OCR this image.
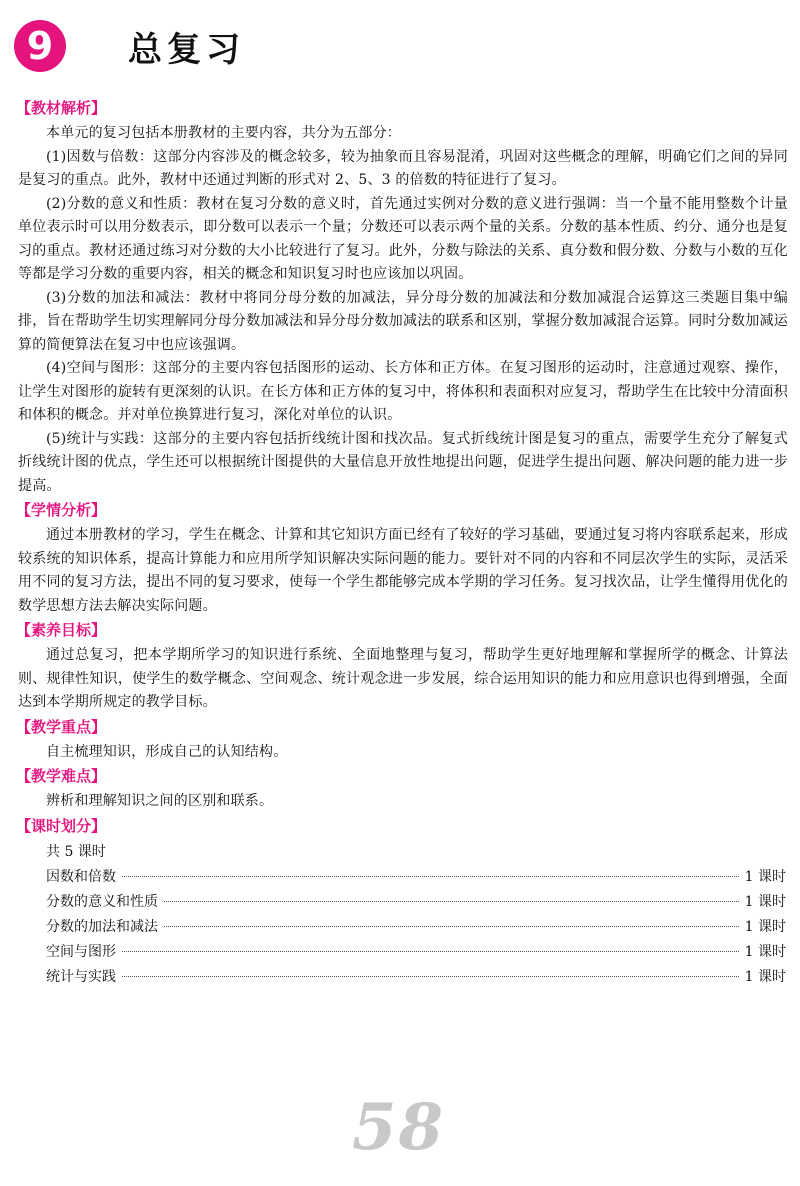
9	总复习
【教材解析】

本单元的复习包括本册教材的主要内容，共分为五部分：

(1)因数与倍数：这部分内容涉及的概念较多，较为抽象而且容易混淆，巩固对这些概念的理解，明确它们之间的异同是复习的重点。此外，教材中还通过判断的形式对 2、5、3 的倍数的特征进行了复习。

(2)分数的意义和性质：教材在复习分数的意义时，首先通过实例对分数的意义进行强调：当一个量不能用整数个计量单位表示时可以用分数表示，即分数可以表示一个量；分数还可以表示两个量的关系。分数的基本性质、约分、通分也是复习的重点。教材还通过练习对分数的大小比较进行了复习。此外，分数与除法的关系、真分数和假分数、分数与小数的互化等都是学习分数的重要内容，相关的概念和知识复习时也应该加以巩固。

(3)分数的加法和减法：教材中将同分母分数的加减法，异分母分数的加减法和分数加减混合运算这三类题目集中编排，旨在帮助学生切实理解同分母分数加减法和异分母分数加减法的联系和区别，掌握分数加减混合运算。同时分数加减运算的简便算法在复习中也应该强调。

(4)空间与图形：这部分的主要内容包括图形的运动、长方体和正方体。在复习图形的运动时，注意通过观察、操作，让学生对图形的旋转有更深刻的认识。在长方体和正方体的复习中，将体积和表面积对应复习，帮助学生在比较中分清面积和体积的概念。并对单位换算进行复习，深化对单位的认识。

(5)统计与实践：这部分的主要内容包括折线统计图和找次品。复式折线统计图是复习的重点，需要学生充分了解复式折线统计图的优点，学生还可以根据统计图提供的大量信息开放性地提出问题，促进学生提出问题、解决问题的能力进一步提高。

【学情分析】

通过本册教材的学习，学生在概念、计算和其它知识方面已经有了较好的学习基础，要通过复习将内容联系起来，形成较系统的知识体系，提高计算能力和应用所学知识解决实际问题的能力。要针对不同的内容和不同层次学生的实际，灵活采用不同的复习方法，提出不同的复习要求，使每一个学生都能够完成本学期的学习任务。复习找次品，让学生懂得用优化的数学思想方法去解决实际问题。

【素养目标】

通过总复习，把本学期所学习的知识进行系统、全面地整理与复习，帮助学生更好地理解和掌握所学的概念、计算法则、规律性知识，使学生的数学概念、空间观念、统计观念进一步发展，综合运用知识的能力和应用意识也得到增强，全面达到本学期所规定的教学目标。

【教学重点】

自主梳理知识，形成自己的认知结构。

【教学难点】

辨析和理解知识之间的区别和联系。

【课时划分】
共 5 课时
因数和倍数	1 课时
分数的意义和性质	1 课时
分数的加法和减法	1 课时
空间与图形	1 课时
统计与实践	1 课时
58
